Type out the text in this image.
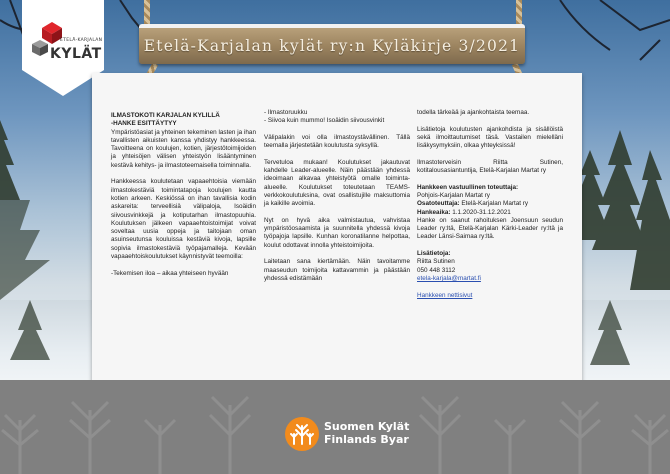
ETELÄ-KARJALAN
KYLÄT	Etelä-Karjalan kylät ry:n Kyläkirje 3/2021
ILMASTOKOTI KARJALAN KYLILLÄ
-HANKE ESITTÄYTYY

Ympäristöasiat ja yhteinen tekeminen lasten ja ihan tavallisten aikuisten kanssa yhdistyy hankkeessa. Tavoitteena on koulujen, kotien, järjestötoimijoiden ja yhteisöjen välisen yhteistyön lisääntyminen kestävä kehitys- ja ilmastoteemaisella toiminnalla.

Hankkeessa koulutetaan vapaaehtoisia viemään ilmastokestäviä toimintatapoja koulujen kautta kotien arkeen. Keskiössä on ihan tavallisia kodin askareita: terveellisiä välipaloja, Isoäidin siivousvinkkejä ja kotiputarhan ilmastopuuhia. Koulutuksen jälkeen vapaaehtoistoimijat voivat soveltaa uusia oppeja ja taitojaan oman asuinseutunsa kouluissa kestäviä kivoja, lapsille sopivia ilmastokestäviä työpajamalleja. Kevään vapaaehtoiskoulutukset käynnistyvät teemoilla:

-Tekemisen iloa – aikaa yhteiseen hyvään

- Ilmastoruukku
- Siivoa kuin mummo! Isoäidin siivousvinkit

Välipalakin voi olla ilmastoystävällinen. Tällä teemalla järjestetään koulutusta syksyllä.

Tervetuloa mukaan! Koulutukset jakautuvat kahdelle Leader-alueelle. Näin päästään yhdessä ideoimaan alkavaa yhteistyötä omalle toiminta-alueelle. Koulutukset toteutetaan TEAMS-verkkokoulutuksina, ovat osallistujille maksuttomia ja kaikille avoimia.

Nyt on hyvä aika valmistautua, vahvistaa ympäristöosaamista ja suunnitella yhdessä kivoja työpajoja lapsille. Kunhan koronatilanne helpottaa, koulut odottavat innolla yhteistoimijoita.

Laitetaan sana kiertämään. Näin tavoitamme maaseudun toimijoita kattavammin ja päästään yhdessä edistämään

todella tärkeää ja ajankohtaista teemaa.

Lisätietoja koulutusten ajankohdista ja sisällöistä sekä ilmoittautumiset täsä. Vastailen mielelläni lisäkysymyksiin, olkaa yhteyksissä!

Ilmastoterveisin Riitta Sutinen, kotitalousasiantuntija, Etelä-Karjalan Martat ry

Hankkeen vastuullinen toteuttaja:
Pohjois-Karjalan Martat ry
Osatoteuttaja: Etelä-Karjalan Martat ry
Hankeaika: 1.1.2020-31.12.2021

Hanke on saanut rahoituksen Joensuun seudun Leader ry:ltä, Etelä-Karjalan Kärki-Leader ry:ltä ja Leader Länsi-Saimaa ry:ltä.

Lisätietoja:
Riitta Sutinen
050 448 3112
etela-karjala@martat.fi

Hankkeen nettisivut

Suomen Kylät
Finlands Byar
